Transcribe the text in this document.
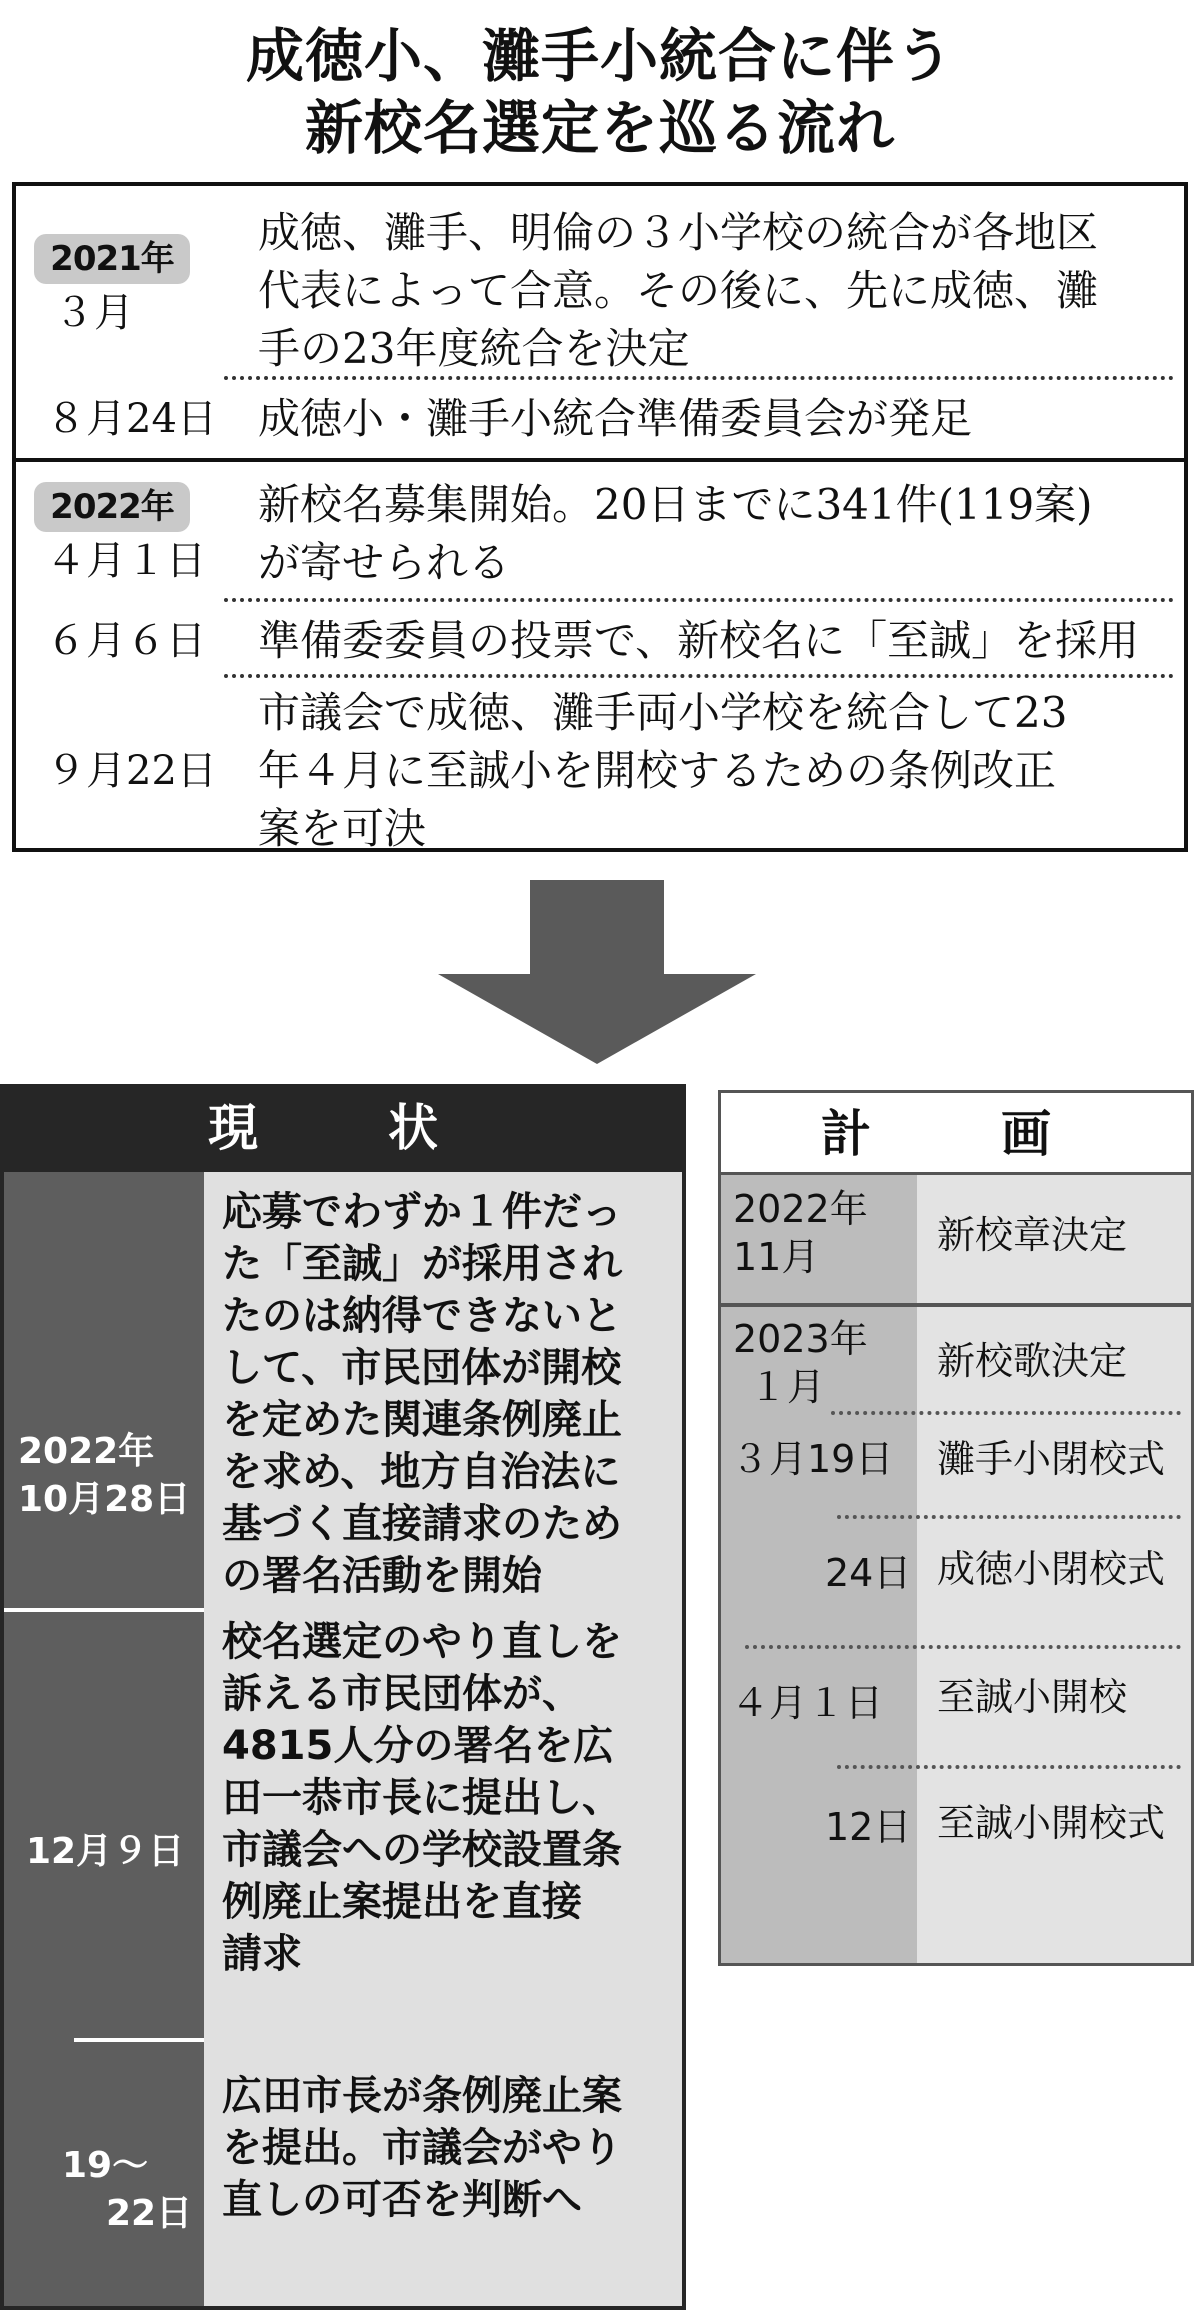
成徳小、灘手小統合に伴う
新校名選定を巡る流れ
2021年
３月
成徳、灘手、明倫の３小学校の統合が各地区
代表によって合意。その後に、先に成徳、灘
手の23年度統合を決定
８月24日 成徳小・灘手小統合準備委員会が発足
2022年
４月１日
新校名募集開始。20日までに341件(119案)
が寄せられる
６月６日 準備委委員の投票で、新校名に「至誠」を採用
９月22日
市議会で成徳、灘手両小学校を統合して23
年４月に至誠小を開校するための条例改正
案を可決
現　状
2022年
10月28日
応募でわずか１件だっ
た「至誠」が採用され
たのは納得できないと
して、市民団体が開校
を定めた関連条例廃止
を求め、地方自治法に
基づく直接請求のため
の署名活動を開始
12月９日
校名選定のやり直しを
訴える市民団体が、
4815人分の署名を広
田一恭市長に提出し、
市議会への学校設置条
例廃止案提出を直接
請求
19～
22日
広田市長が条例廃止案
を提出。市議会がやり
直しの可否を判断へ
計　画
2022年
11月	新校章決定
2023年
１月
新校歌決定
３月19日 灘手小閉校式
24日 成徳小閉校式
４月１日 至誠小開校
12日 至誠小開校式
